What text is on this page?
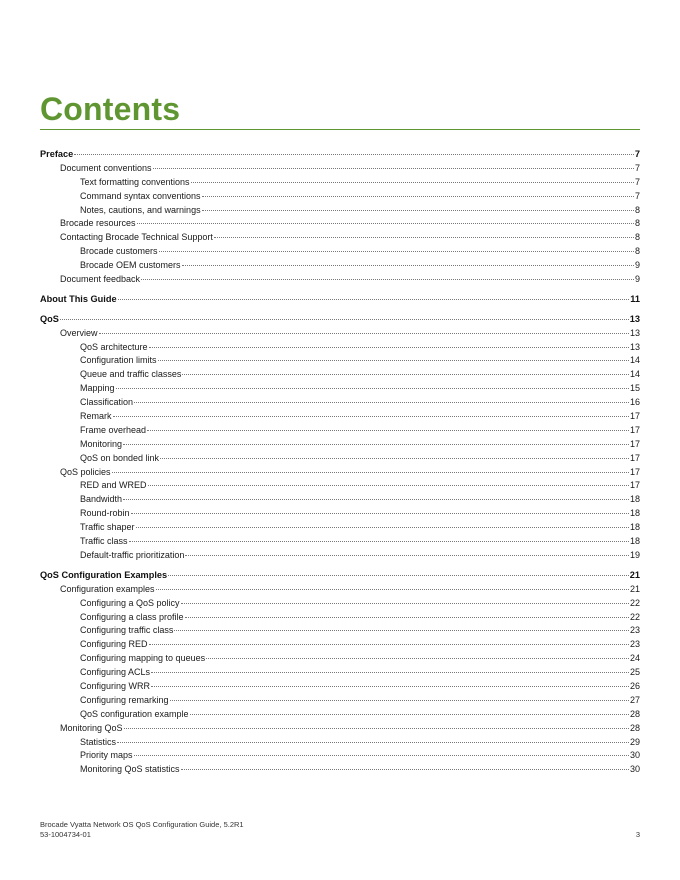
Contents
Preface	7
Document conventions	7
Text formatting conventions	7
Command syntax conventions	7
Notes, cautions, and warnings	8
Brocade resources	8
Contacting Brocade Technical Support	8
Brocade customers	8
Brocade OEM customers	9
Document feedback	9
About This Guide	11
QoS	13
Overview	13
QoS architecture	13
Configuration limits	14
Queue and traffic classes	14
Mapping	15
Classification	16
Remark	17
Frame overhead	17
Monitoring	17
QoS on bonded link	17
QoS policies	17
RED and WRED	17
Bandwidth	18
Round-robin	18
Traffic shaper	18
Traffic class	18
Default-traffic prioritization	19
QoS Configuration Examples	21
Configuration examples	21
Configuring a QoS policy	22
Configuring a class profile	22
Configuring traffic class	23
Configuring RED	23
Configuring mapping to queues	24
Configuring ACLs	25
Configuring WRR	26
Configuring remarking	27
QoS configuration example	28
Monitoring QoS	28
Statistics	29
Priority maps	30
Monitoring QoS statistics	30
Brocade Vyatta Network OS QoS Configuration Guide, 5.2R1
53-1004734-01	3
